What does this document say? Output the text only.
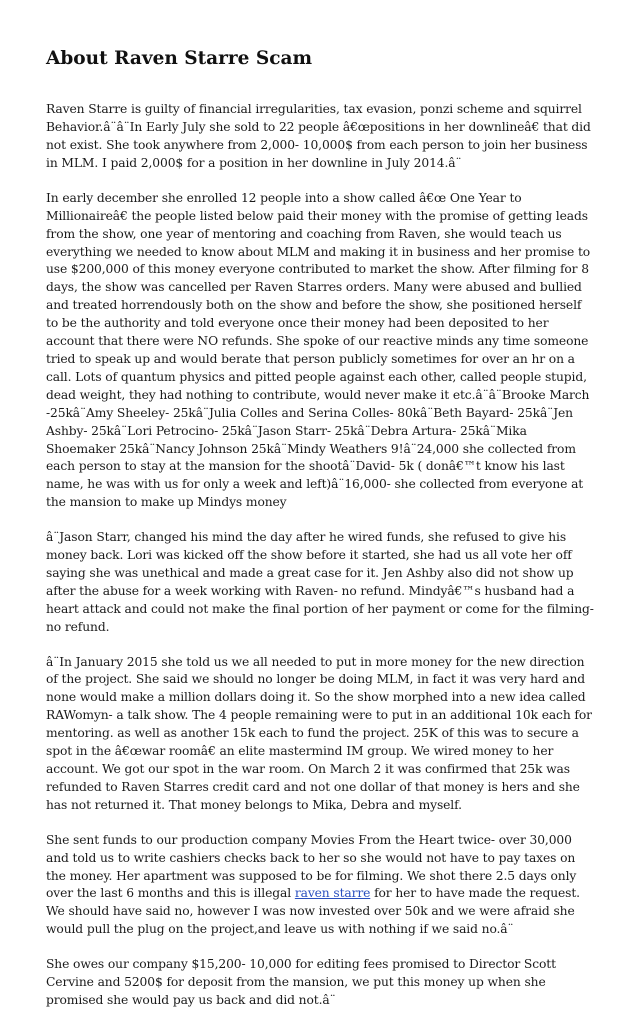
About Raven Starre Scam

Raven Starre is guilty of financial irregularities, tax evasion, ponzi scheme and squirrel Behavior.â¨â¨In Early July she sold to 22 people â€œpositions in her downlineâ€ that did not exist. She took anywhere from 2,000- 10,000$ from each person to join her business in MLM. I paid 2,000$ for a position in her downline in July 2014.â¨

In early december she enrolled 12 people into a show called â€œ One Year to Millionaireâ€ the people listed below paid their money with the promise of getting leads from the show, one year of mentoring and coaching from Raven, she would teach us everything we needed to know about MLM and making it in business and her promise to use $200,000 of this money everyone contributed to market the show. After filming for 8 days, the show was cancelled per Raven Starres orders. Many were abused and bullied and treated horrendously both on the show and before the show, she positioned herself to be the authority and told everyone once their money had been deposited to her account that there were NO refunds. She spoke of our reactive minds any time someone tried to speak up and would berate that person publicly sometimes for over an hr on a call. Lots of quantum physics and pitted people against each other, called people stupid, dead weight, they had nothing to contribute, would never make it etc.â¨â¨Brooke March -25kâ¨Amy Sheeley- 25kâ¨Julia Colles and Serina Colles- 80kâ¨Beth Bayard- 25kâ¨Jen Ashby- 25kâ¨Lori Petrocino- 25kâ¨Jason Starr- 25kâ¨Debra Artura- 25kâ¨Mika Shoemaker 25kâ¨Nancy Johnson 25kâ¨Mindy Weathers 9!â¨24,000 she collected from each person to stay at the mansion for the shootâ¨David- 5k ( donâ€™t know his last name, he was with us for only a week and left)â¨16,000- she collected from everyone at the mansion to make up Mindys money

â¨Jason Starr, changed his mind the day after he wired funds, she refused to give his money back. Lori was kicked off the show before it started, she had us all vote her off saying she was unethical and made a great case for it. Jen Ashby also did not show up after the abuse for a week working with Raven- no refund. Mindyâ€™s husband had a heart attack and could not make the final portion of her payment or come for the filming- no refund.

â¨In January 2015 she told us we all needed to put in more money for the new direction of the project. She said we should no longer be doing MLM, in fact it was very hard and none would make a million dollars doing it. So the show morphed into a new idea called RAWomyn- a talk show. The 4 people remaining were to put in an additional 10k each for mentoring. as well as another 15k each to fund the project. 25K of this was to secure a spot in the â€œwar roomâ€ an elite mastermind IM group. We wired money to her account. We got our spot in the war room. On March 2 it was confirmed that 25k was refunded to Raven Starres credit card and not one dollar of that money is hers and she has not returned it. That money belongs to Mika, Debra and myself.

She sent funds to our production company Movies From the Heart twice- over 30,000 and told us to write cashiers checks back to her so she would not have to pay taxes on the money. Her apartment was supposed to be for filming. We shot there 2.5 days only over the last 6 months and this is illegal raven starre for her to have made the request. We should have said no, however I was now invested over 50k and we were afraid she would pull the plug on the project,and leave us with nothing if we said no.â¨

She owes our company $15,200- 10,000 for editing fees promised to Director Scott Cervine and 5200$ for deposit from the mansion, we put this money up when she promised she would pay us back and did not.â¨
